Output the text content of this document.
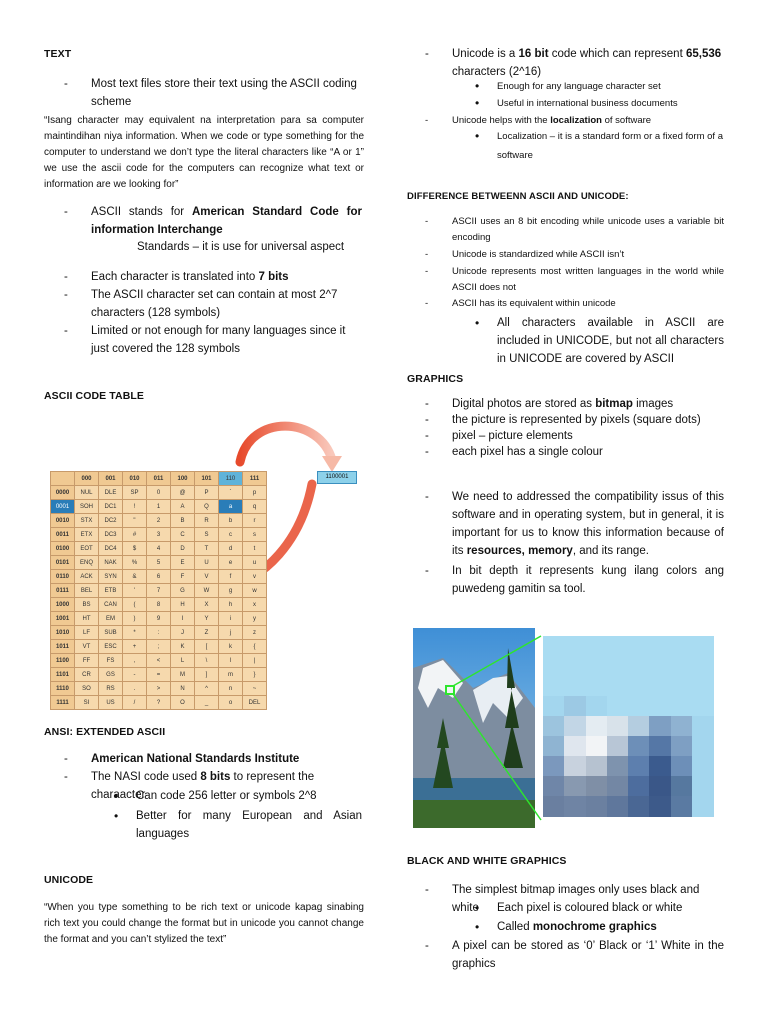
TEXT
- Most text files store their text using the ASCII coding scheme
“Isang character may equivalent na interpretation para sa computer maintindihan niya information. When we code or type something for the computer to understand we don’t type the literal characters like “A or 1” we use the ascii code for the computers can recognize what text or information are we looking for”
- ASCII stands for American Standard Code for information Interchange
Standards – it is use for universal aspect
- Each character is translated into 7 bits
- The ASCII character set can contain at most 2^7 characters (128 symbols)
- Limited or not enough for many languages since it just covered the 128 symbols
ASCII CODE TABLE
	000	001	010	011	100	101	110	111
0000	NUL	DLE	SP	0	@	P	`	p
0001	SOH	DC1	!	1	A	Q	a	q
0010	STX	DC2	"	2	B	R	b	r
0011	ETX	DC3	#	3	C	S	c	s
0100	EOT	DC4	$	4	D	T	d	t
0101	ENQ	NAK	%	5	E	U	e	u
0110	ACK	SYN	&	6	F	V	f	v
0111	BEL	ETB	'	7	G	W	g	w
1000	BS	CAN	(	8	H	X	h	x
1001	HT	EM	)	9	I	Y	i	y
1010	LF	SUB	*	:	J	Z	j	z
1011	VT	ESC	+	;	K	[	k	{
1100	FF	FS	,	<	L	\	l	|
1101	CR	GS	-	=	M	]	m	}
1110	SO	RS	.	>	N	^	n	~
1111	SI	US	/	?	O	_	o	DEL
1100001
ANSI: EXTENDED ASCII
- American National Standards Institute
- The NASI code used 8 bits to represent the charaacter
• Can code 256 letter or symbols 2^8
• Better for many European and Asian languages
UNICODE
“When you type something to be rich text or unicode kapag sinabing rich text you could change the format but in unicode you cannot change the format and you can’t stylized the text”
- Unicode is a 16 bit code which can represent 65,536 characters (2^16)
• Enough for any language character set
• Useful in international business documents
- Unicode helps with the localization of software
• Localization – it is a standard form or a fixed form of a software
DIFFERENCE BETWEENN ASCII AND UNICODE:
- ASCII uses an 8 bit encoding while unicode uses a variable bit encoding
- Unicode is standardized while ASCII isn’t
- Unicode represents most written languages in the world while ASCII does not
- ASCII has its equivalent within unicode
• All characters available in ASCII are included in UNICODE, but not all characters in UNICODE are covered by ASCII
GRAPHICS
- Digital photos are stored as bitmap images
- the picture is represented by pixels (square dots)
- pixel – picture elements
- each pixel has a single colour
- We need to addressed the compatibility issus of this software and in operating system, but in general, it is important for us to know this information because of its resources, memory, and its range.
- In bit depth it represents kung ilang colors ang puwedeng gamitin sa tool.
BLACK AND WHITE GRAPHICS
- The simplest bitmap images only uses black and white	• Each pixel is coloured black or white
• Called monochrome graphics
- A pixel can be stored as ‘0’ Black or ‘1’ White in the graphics
